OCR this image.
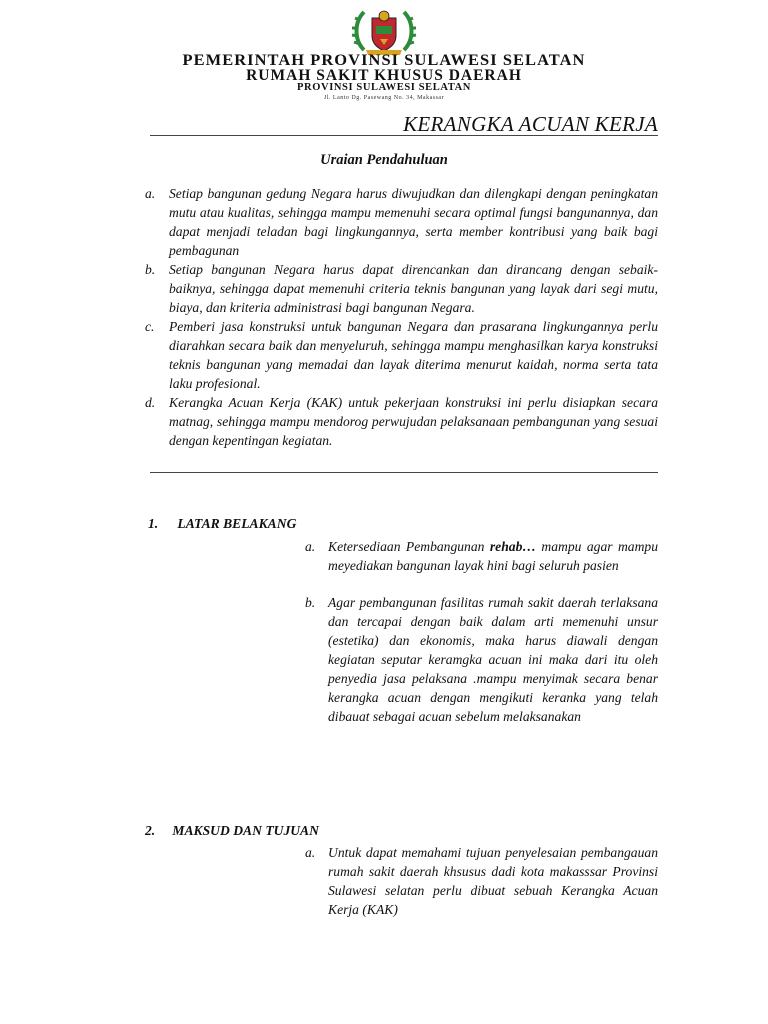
PEMERINTAH PROVINSI SULAWESI SELATAN
RUMAH SAKIT KHUSUS DAERAH
PROVINSI SULAWESI SELATAN
Jl. Lanto Dg. Pasewang No. 34, Makassar
KERANGKA ACUAN KERJA
Uraian Pendahuluan
a. Setiap bangunan gedung Negara harus diwujudkan dan dilengkapi dengan peningkatan mutu atau kualitas, sehingga mampu memenuhi secara optimal fungsi bangunannya, dan dapat menjadi teladan bagi lingkungannya, serta member kontribusi yang baik bagi pembagunan
b. Setiap bangunan Negara harus dapat direncankan dan dirancang dengan sebaik-baiknya, sehingga dapat memenuhi criteria teknis bangunan yang layak dari segi mutu, biaya, dan kriteria administrasi bagi bangunan Negara.
c. Pemberi jasa konstruksi untuk bangunan Negara dan prasarana lingkungannya perlu diarahkan secara baik dan menyeluruh, sehingga mampu menghasilkan karya konstruksi teknis bangunan yang memadai dan layak diterima menurut kaidah, norma serta tata laku profesional.
d. Kerangka Acuan Kerja (KAK) untuk pekerjaan konstruksi ini perlu disiapkan secara matnag, sehingga mampu mendorog perwujudan pelaksanaan pembangunan yang sesuai dengan kepentingan kegiatan.
1. LATAR BELAKANG
a. Ketersediaan Pembangunan rehab… mampu agar mampu meyediakan bangunan layak hini bagi seluruh pasien
b. Agar pembangunan fasilitas rumah sakit daerah terlaksana dan tercapai dengan baik dalam arti memenuhi unsur (estetika) dan ekonomis, maka harus diawali dengan kegiatan seputar keramgka acuan ini maka dari itu oleh penyedia jasa pelaksana .mampu menyimak secara benar kerangka acuan dengan mengikuti keranka yang telah dibauat sebagai acuan sebelum melaksanakan
2. MAKSUD DAN TUJUAN
a. Untuk dapat memahami tujuan penyelesaian pembangauan rumah sakit daerah khsusus dadi kota makasssar Provinsi Sulawesi selatan perlu dibuat sebuah Kerangka Acuan Kerja (KAK)
